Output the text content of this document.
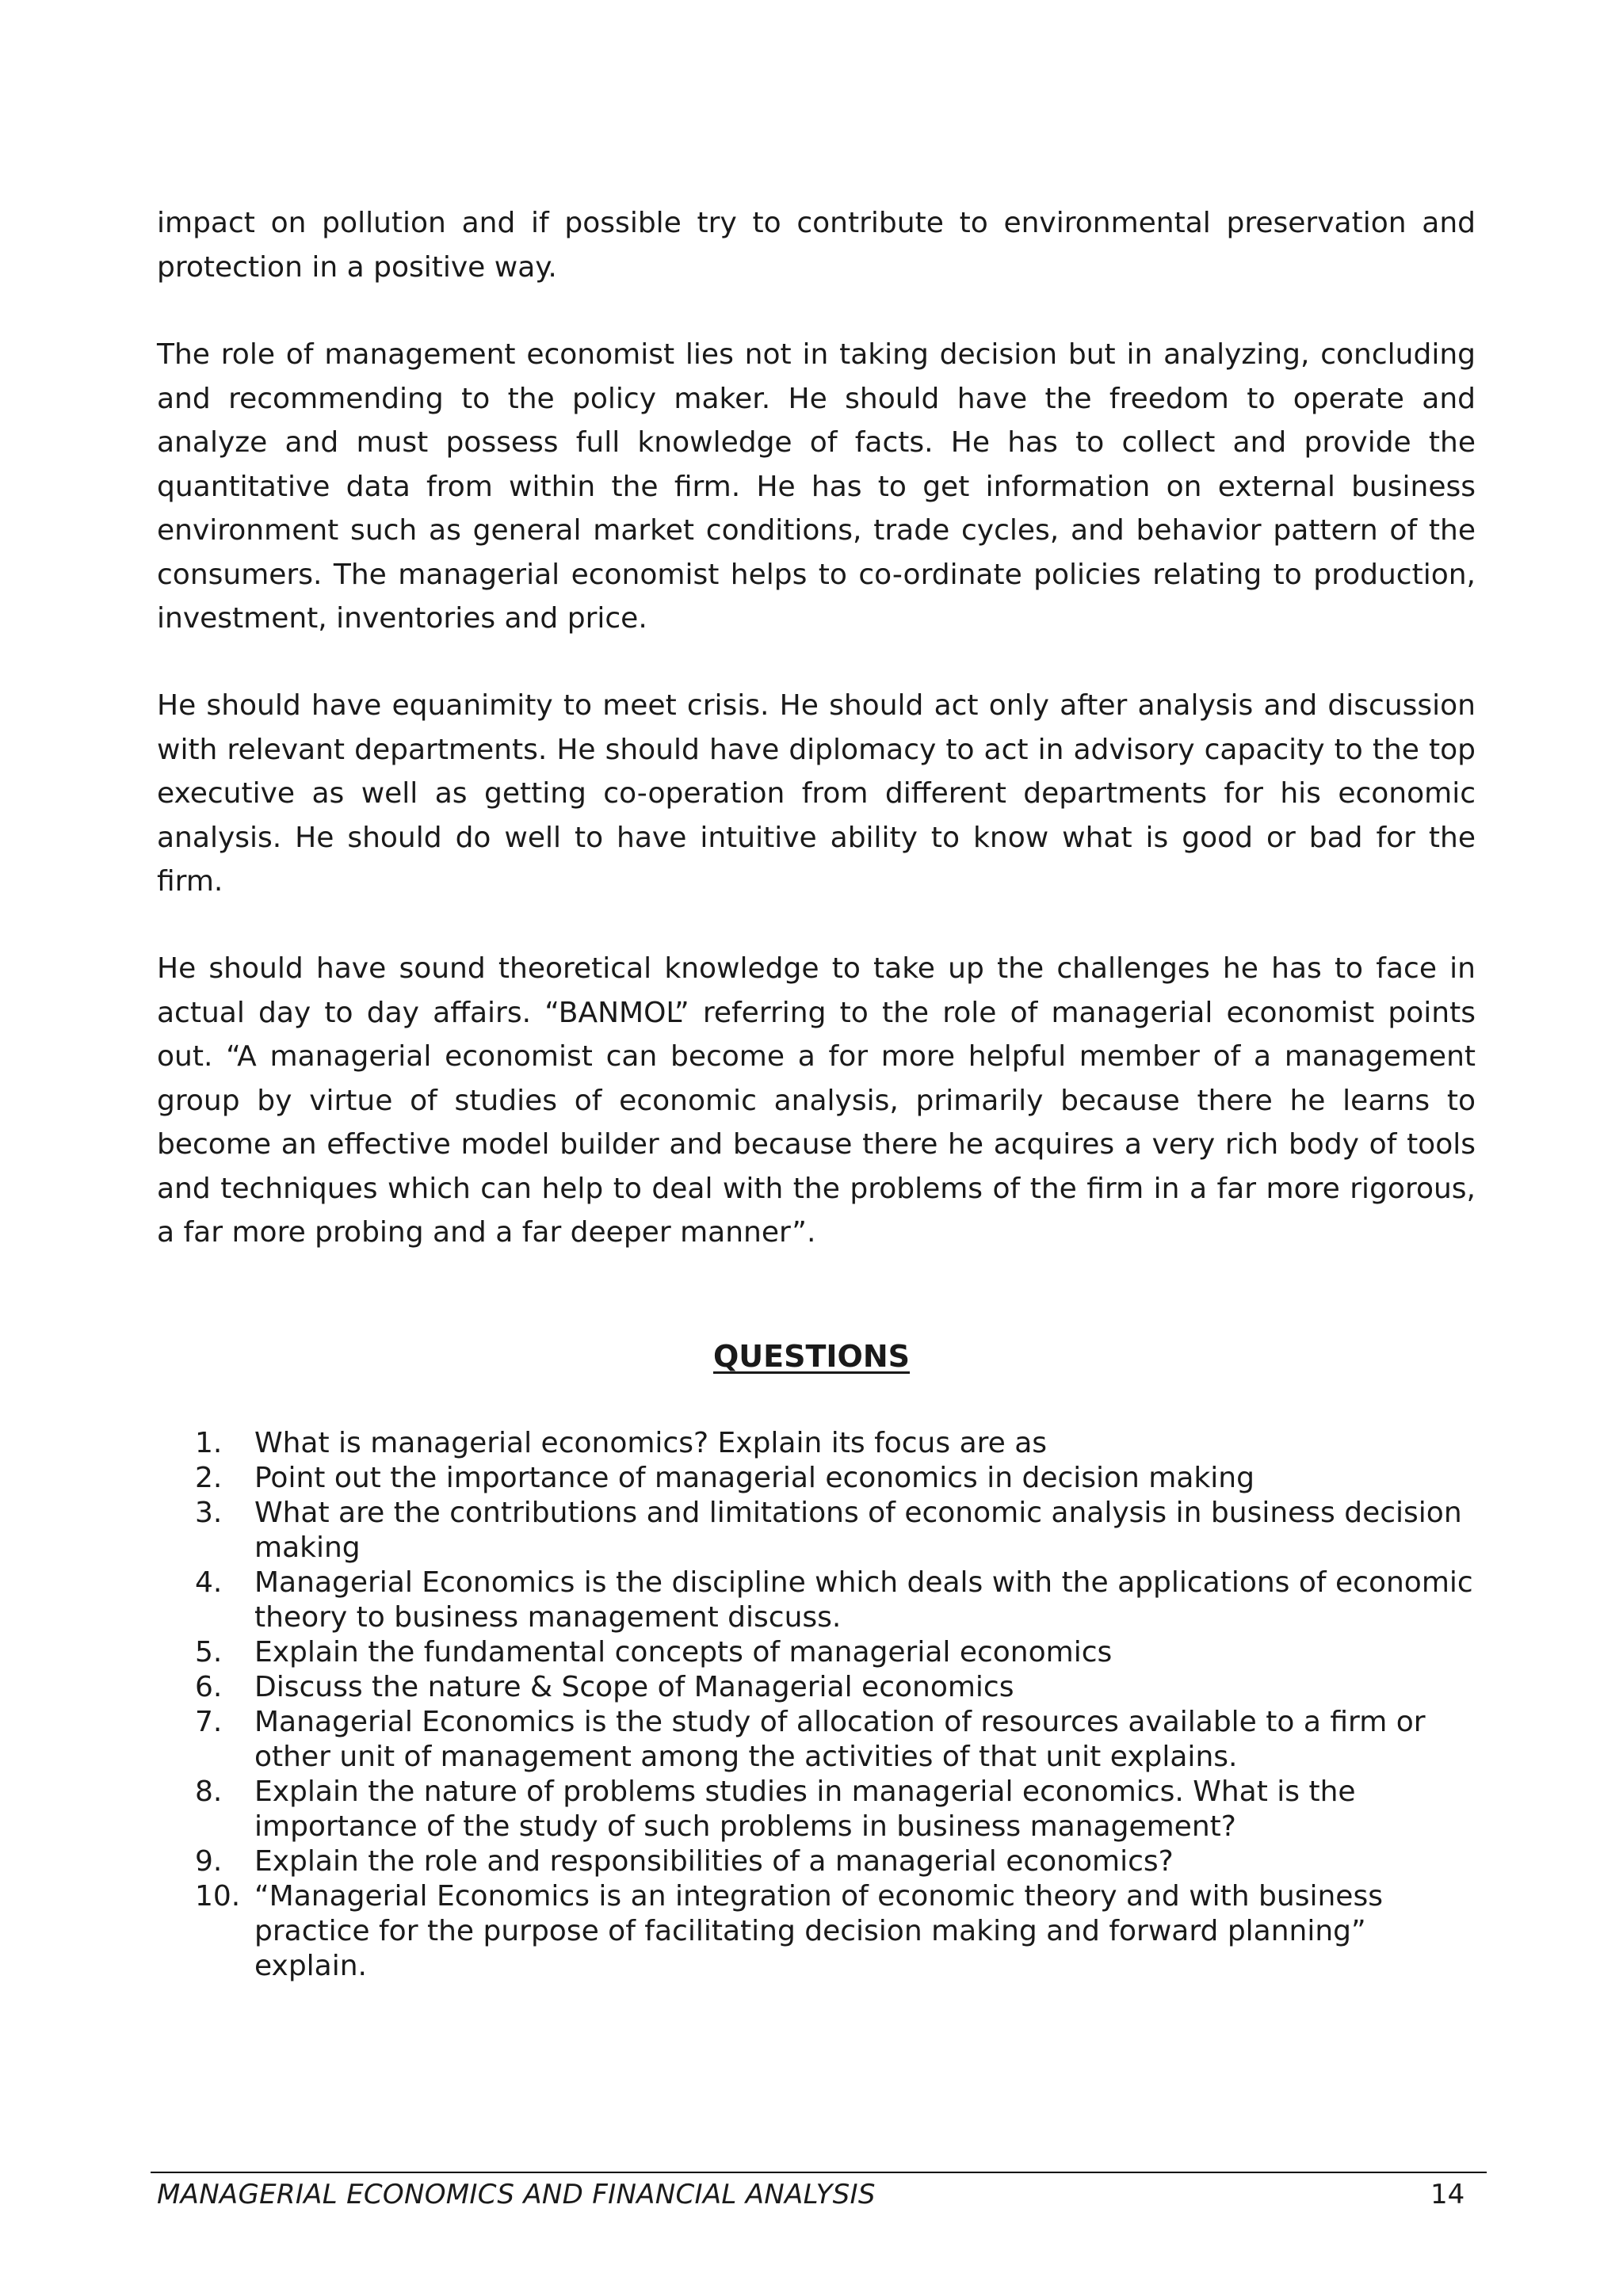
impact on pollution and if possible try to contribute to environmental preservation and protection in a positive way.

The role of management economist lies not in taking decision but in analyzing, concluding and recommending to the policy maker. He should have the freedom to operate and analyze and must possess full knowledge of facts. He has to collect and provide the quantitative data from within the firm. He has to get information on external business environment such as general market conditions, trade cycles, and behavior pattern of the consumers. The managerial economist helps to co-ordinate policies relating to production, investment, inventories and price.

He should have equanimity to meet crisis. He should act only after analysis and discussion with relevant departments. He should have diplomacy to act in advisory capacity to the top executive as well as getting co-operation from different departments for his economic analysis. He should do well to have intuitive ability to know what is good or bad for the firm.

He should have sound theoretical knowledge to take up the challenges he has to face in actual day to day affairs. “BANMOL” referring to the role of managerial economist points out. “A managerial economist can become a for more helpful member of a management group by virtue of studies of economic analysis, primarily because there he learns to become an effective model builder and because there he acquires a very rich body of tools and techniques which can help to deal with the problems of the firm in a far more rigorous, a far more probing and a far deeper manner”.

QUESTIONS
1.	What is managerial economics? Explain its focus are as
2.	Point out the importance of managerial economics in decision making
3.	What are the contributions and limitations of economic analysis in business decision making
4.	Managerial Economics is the discipline which deals with the applications of economic theory to business management discuss.
5.	Explain the fundamental concepts of managerial economics
6.	Discuss the nature & Scope of Managerial economics
7.	Managerial Economics is the study of allocation of resources available to a firm or other unit of management among the activities of that unit explains.
8.	Explain the nature of problems studies in managerial economics. What is the importance of the study of such problems in business management?
9.	Explain the role and responsibilities of a managerial economics?
10. “Managerial Economics is an integration of economic theory and with business practice for the purpose of facilitating decision making and forward planning” explain.

MANAGERIAL ECONOMICS AND FINANCIAL ANALYSIS	14
